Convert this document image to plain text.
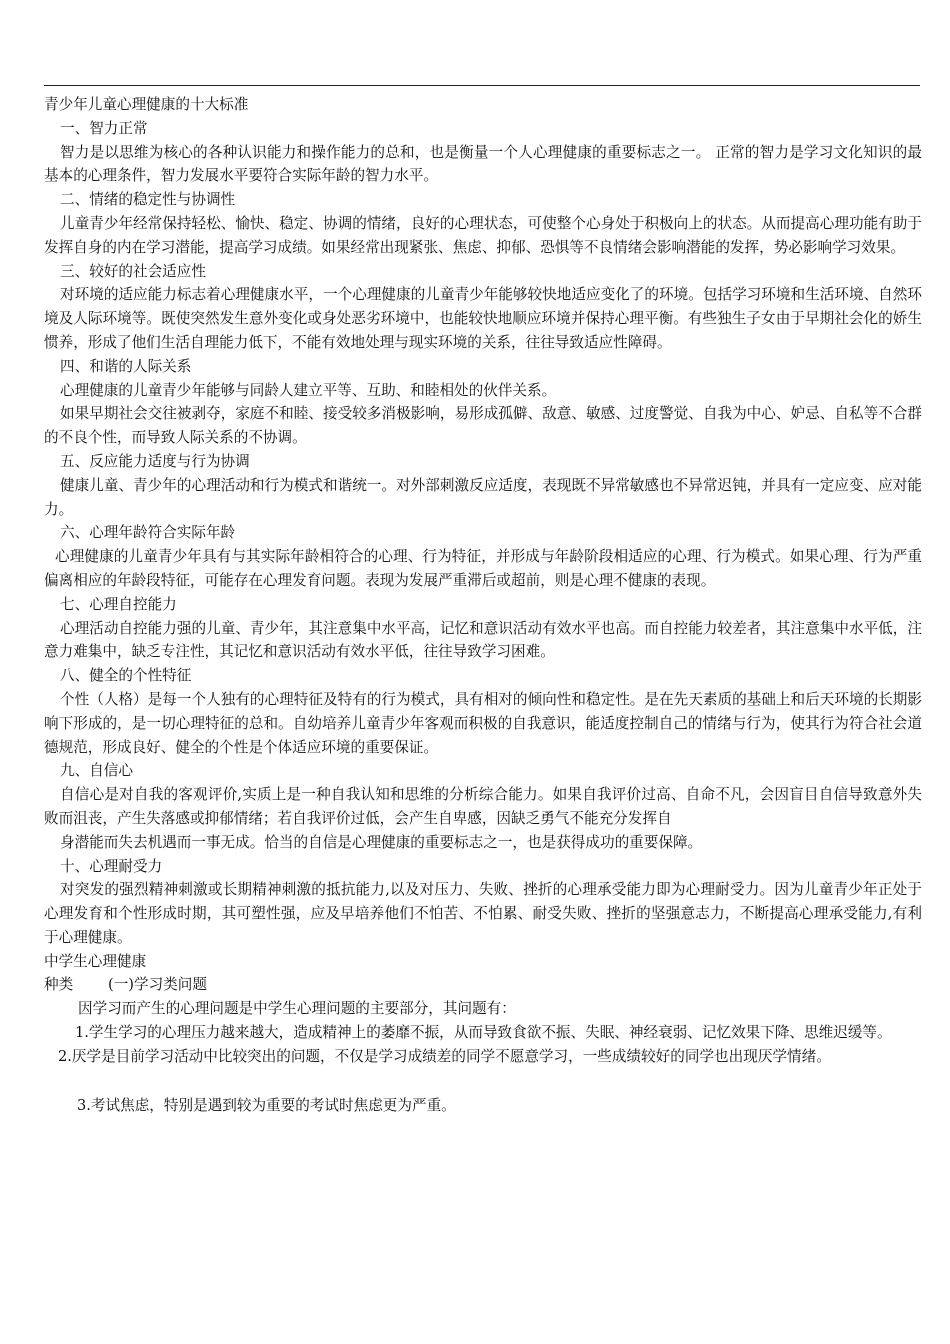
青少年儿童心理健康的十大标准

一、智力正常

智力是以思维为核心的各种认识能力和操作能力的总和，也是衡量一个人心理健康的重要标志之一。 正常的智力是学习文化知识的最基本的心理条件，智力发展水平要符合实际年龄的智力水平。

二、情绪的稳定性与协调性

儿童青少年经常保持轻松、愉快、稳定、协调的情绪，良好的心理状态，可使整个心身处于积极向上的状态。从而提高心理功能有助于发挥自身的内在学习潜能，提高学习成绩。如果经常出现紧张、焦虑、抑郁、恐惧等不良情绪会影响潜能的发挥，势必影响学习效果。

三、较好的社会适应性

对环境的适应能力标志着心理健康水平，一个心理健康的儿童青少年能够较快地适应变化了的环境。包括学习环境和生活环境、自然环境及人际环境等。既使突然发生意外变化或身处恶劣环境中，也能较快地顺应环境并保持心理平衡。有些独生子女由于早期社会化的娇生惯养，形成了他们生活自理能力低下，不能有效地处理与现实环境的关系，往往导致适应性障碍。

四、和谐的人际关系

心理健康的儿童青少年能够与同龄人建立平等、互助、和睦相处的伙伴关系。

如果早期社会交往被剥夺，家庭不和睦、接受较多消极影响，易形成孤僻、敌意、敏感、过度警觉、自我为中心、妒忌、自私等不合群的不良个性，而导致人际关系的不协调。

五、反应能力适度与行为协调

健康儿童、青少年的心理活动和行为模式和谐统一。对外部刺激反应适度，表现既不异常敏感也不异常迟钝，并具有一定应变、应对能力。

六、心理年龄符合实际年龄

心理健康的儿童青少年具有与其实际年龄相符合的心理、行为特征，并形成与年龄阶段相适应的心理、行为模式。如果心理、行为严重偏离相应的年龄段特征，可能存在心理发育问题。表现为发展严重滞后或超前，则是心理不健康的表现。

七、心理自控能力

心理活动自控能力强的儿童、青少年，其注意集中水平高，记忆和意识活动有效水平也高。而自控能力较差者，其注意集中水平低，注意力难集中，缺乏专注性，其记忆和意识活动有效水平低，往往导致学习困难。

八、健全的个性特征

个性（人格）是每一个人独有的心理特征及特有的行为模式，具有相对的倾向性和稳定性。是在先天素质的基础上和后天环境的长期影响下形成的，是一切心理特征的总和。自幼培养儿童青少年客观而积极的自我意识，能适度控制自己的情绪与行为，使其行为符合社会道德规范，形成良好、健全的个性是个体适应环境的重要保证。

九、自信心

自信心是对自我的客观评价,实质上是一种自我认知和思维的分析综合能力。如果自我评价过高、自命不凡，会因盲目自信导致意外失败而沮丧，产生失落感或抑郁情绪；若自我评价过低，会产生自卑感，因缺乏勇气不能充分发挥自

身潜能而失去机遇而一事无成。恰当的自信是心理健康的重要标志之一，也是获得成功的重要保障。

十、心理耐受力

对突发的强烈精神刺激或长期精神刺激的抵抗能力,以及对压力、失败、挫折的心理承受能力即为心理耐受力。因为儿童青少年正处于心理发育和个性形成时期，其可塑性强，应及早培养他们不怕苦、不怕累、耐受失败、挫折的坚强意志力，不断提高心理承受能力,有利于心理健康。

中学生心理健康

种类 (一)学习类问题

因学习而产生的心理问题是中学生心理问题的主要部分，其问题有：

1.学生学习的心理压力越来越大，造成精神上的萎靡不振，从而导致食欲不振、失眠、神经衰弱、记忆效果下降、思维迟缓等。

2.厌学是目前学习活动中比较突出的问题，不仅是学习成绩差的同学不愿意学习，一些成绩较好的同学也出现厌学情绪。

3.考试焦虑，特别是遇到较为重要的考试时焦虑更为严重。
